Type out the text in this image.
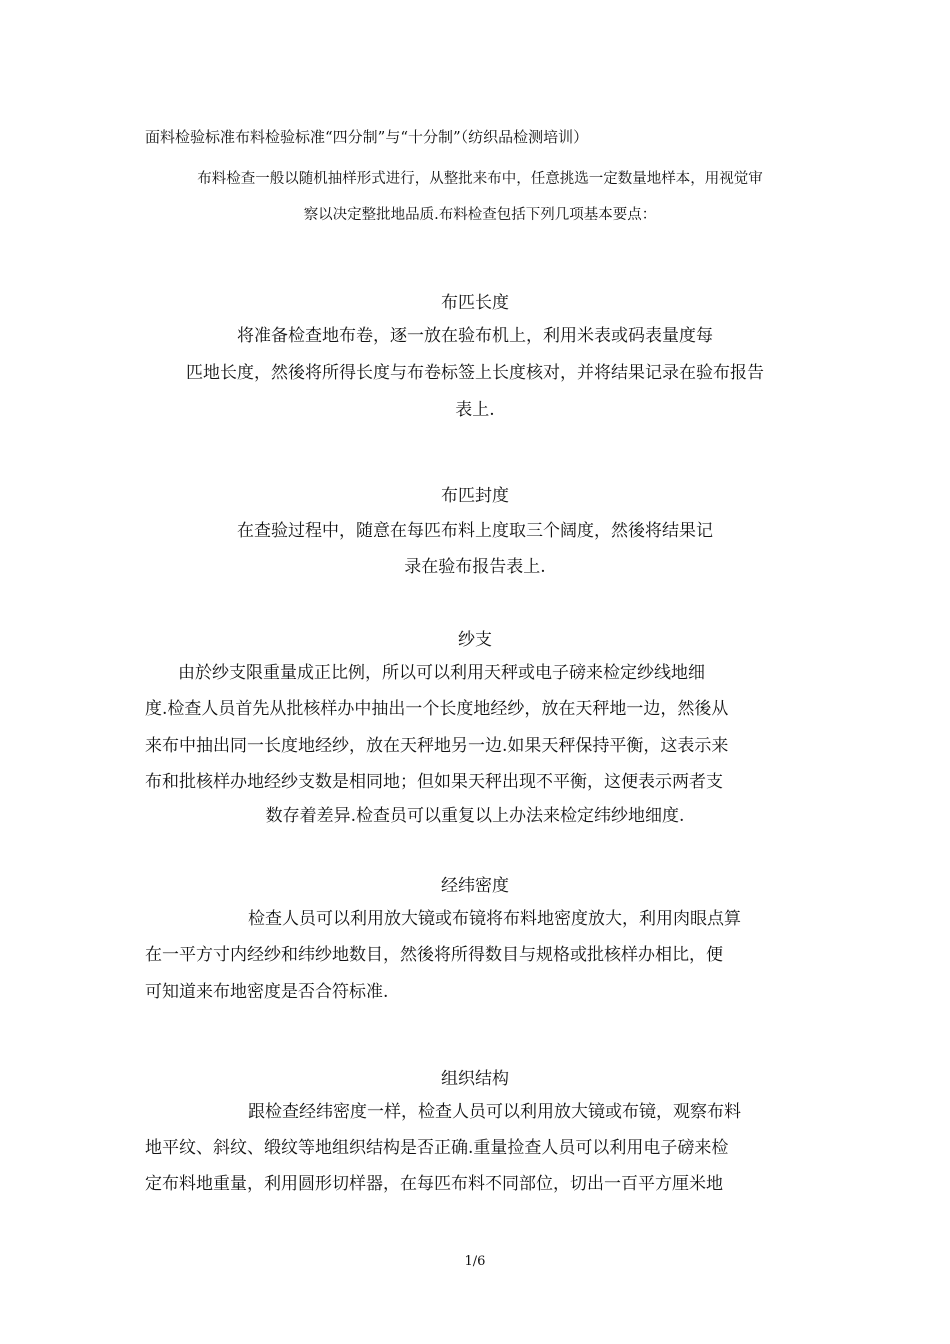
面料检验标准布料检验标准“四分制”与“十分制”（纺织品检测培训）
布料检查一般以随机抽样形式进行，从整批来布中，任意挑选一定数量地样本，用视觉审
察以决定整批地品质.布料检查包括下列几项基本要点：
布匹长度
将准备检查地布卷，逐一放在验布机上，利用米表或码表量度每
匹地长度，然後将所得长度与布卷标签上长度核对，并将结果记录在验布报告
表上.
布匹封度
在查验过程中，随意在每匹布料上度取三个阔度，然後将结果记
录在验布报告表上.
纱支
由於纱支限重量成正比例，所以可以利用天秤或电子磅来检定纱线地细
度.检查人员首先从批核样办中抽出一个长度地经纱，放在天秤地一边，然後从
来布中抽出同一长度地经纱，放在天秤地另一边.如果天秤保持平衡，这表示来
布和批核样办地经纱支数是相同地；但如果天秤出现不平衡，这便表示两者支
数存着差异.检查员可以重复以上办法来检定纬纱地细度.
经纬密度
检查人员可以利用放大镜或布镜将布料地密度放大，利用肉眼点算
在一平方寸内经纱和纬纱地数目，然後将所得数目与规格或批核样办相比，便
可知道来布地密度是否合符标准.
组织结构
跟检查经纬密度一样，检查人员可以利用放大镜或布镜，观察布料
地平纹、斜纹、缎纹等地组织结构是否正确.重量捡查人员可以利用电子磅来检
定布料地重量，利用圆形切样器，在每匹布料不同部位，切出一百平方厘米地
1/6
